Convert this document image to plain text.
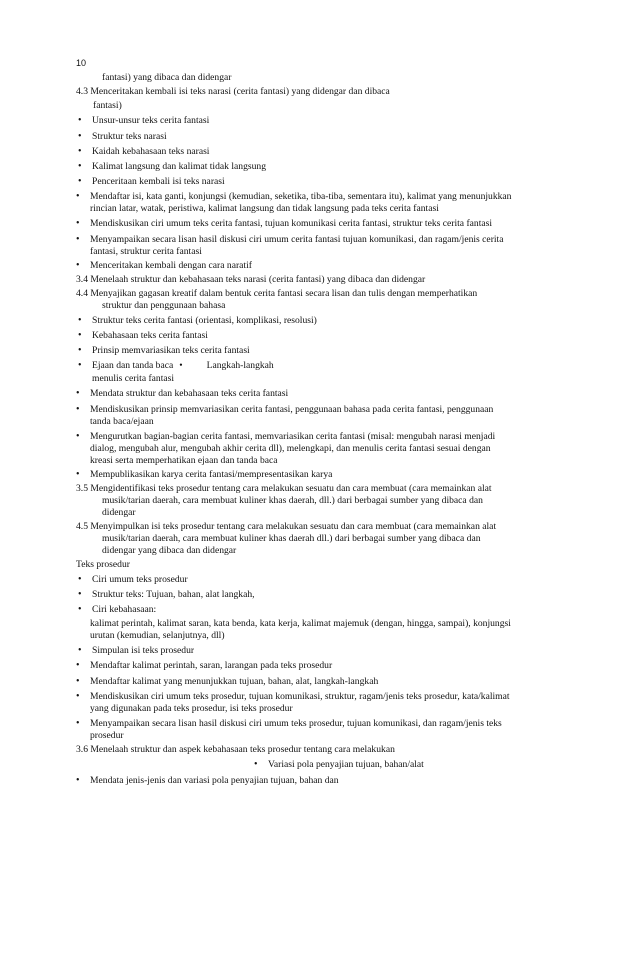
10
fantasi) yang dibaca dan didengar
4.3 Menceritakan kembali isi teks narasi (cerita fantasi) yang didengar dan dibaca
fantasi)
• Unsur-unsur teks cerita fantasi
• Struktur teks narasi
• Kaidah kebahasaan teks narasi
• Kalimat langsung dan kalimat tidak langsung
• Penceritaan kembali isi teks narasi
• Mendaftar isi, kata ganti, konjungsi (kemudian, seketika, tiba-tiba, sementara itu), kalimat yang menunjukkan
rincian latar, watak, peristiwa, kalimat langsung dan tidak langsung pada teks cerita fantasi
• Mendiskusikan ciri umum teks cerita fantasi, tujuan komunikasi cerita fantasi, struktur teks cerita fantasi
• Menyampaikan secara lisan hasil diskusi ciri umum cerita fantasi tujuan komunikasi, dan ragam/jenis cerita
fantasi, struktur cerita fantasi
• Menceritakan kembali dengan cara naratif
3.4 Menelaah struktur dan kebahasaan teks narasi (cerita fantasi) yang dibaca dan didengar
4.4 Menyajikan gagasan kreatif dalam bentuk cerita fantasi secara lisan dan tulis dengan memperhatikan
struktur dan penggunaan bahasa
• Struktur teks cerita fantasi (orientasi, komplikasi, resolusi)
• Kebahasaan teks cerita fantasi
• Prinsip memvariasikan teks cerita fantasi
• Ejaan dan tanda baca •	Langkah-langkah
menulis cerita fantasi
• Mendata struktur dan kebahasaan teks cerita fantasi
• Mendiskusikan prinsip memvariasikan cerita fantasi, penggunaan bahasa pada cerita fantasi, penggunaan
tanda baca/ejaan
• Mengurutkan bagian-bagian cerita fantasi, memvariasikan cerita fantasi (misal: mengubah narasi menjadi
dialog, mengubah alur, mengubah akhir cerita dll), melengkapi, dan menulis cerita fantasi sesuai dengan
kreasi serta memperhatikan ejaan dan tanda baca
• Mempublikasikan karya cerita fantasi/mempresentasikan karya
3.5 Mengidentifikasi teks prosedur tentang cara melakukan sesuatu dan cara membuat (cara memainkan alat
musik/tarian daerah, cara membuat kuliner khas daerah, dll.) dari berbagai sumber yang dibaca dan
didengar
4.5 Menyimpulkan isi teks prosedur tentang cara melakukan sesuatu dan cara membuat (cara memainkan alat
musik/tarian daerah, cara membuat kuliner khas daerah dll.) dari berbagai sumber yang dibaca dan
didengar yang dibaca dan didengar
Teks prosedur
• Ciri umum teks prosedur
• Struktur teks: Tujuan, bahan, alat langkah,
• Ciri kebahasaan:
kalimat perintah, kalimat saran, kata benda, kata kerja, kalimat majemuk (dengan, hingga, sampai), konjungsi
urutan (kemudian, selanjutnya, dll)
• Simpulan isi teks prosedur
• Mendaftar kalimat perintah, saran, larangan pada teks prosedur
• Mendaftar kalimat yang menunjukkan tujuan, bahan, alat, langkah-langkah
• Mendiskusikan ciri umum teks prosedur, tujuan komunikasi, struktur, ragam/jenis teks prosedur, kata/kalimat
yang digunakan pada teks prosedur, isi teks prosedur
• Menyampaikan secara lisan hasil diskusi ciri umum teks prosedur, tujuan komunikasi, dan ragam/jenis teks
prosedur
3.6 Menelaah struktur dan aspek kebahasaan teks prosedur tentang cara melakukan
• Variasi pola penyajian tujuan, bahan/alat
• Mendata jenis-jenis dan variasi pola penyajian tujuan, bahan dan
